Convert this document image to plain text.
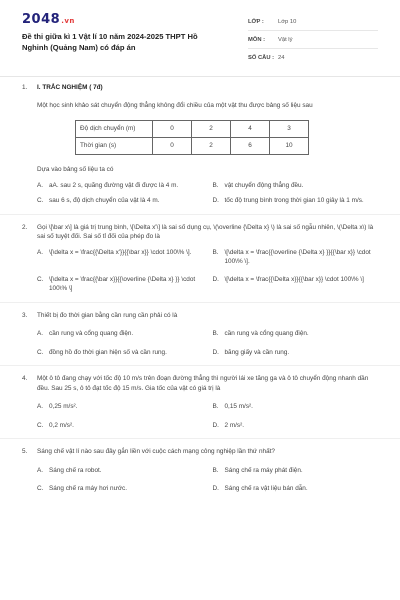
2048.vn
Đề thi giữa kì 1 Vật lí 10 năm 2024-2025 THPT Hồ Nghinh (Quảng Nam) có đáp án
LỚP :	Lớp 10
MÔN :	Vật lý
SỐ CÂU : 24
1. I. TRẮC NGHIỆM ( 7đ)
Một học sinh khảo sát chuyển động thẳng không đổi chiều của một vật thu được bảng số liệu sau
Độ dịch chuyển (m)	0	2	4	3
Thời gian (s)	0	2	6	10
Dựa vào bảng số liệu ta có
A. aA. sau 2 s, quãng đường vật đi được là 4 m.	B. vật chuyển động thẳng đều.
C. sau 6 s, độ dịch chuyển của vật là 4 m.	D. tốc độ trung bình trong thời gian 10 giây là 1 m/s.
2. Gọi \[\bar x\] là giá trị trung bình, \[\Delta x'\] là sai số dụng cụ, \(\overline {\Delta x} \) là sai số ngẫu nhiên, \(\Delta x\) là sai số tuyệt đối. Sai số tỉ đối của phép đo là
A. \[\delta x = \frac{{\Delta x'}}{{\bar x}} \cdot 100\% \].	B. \[\delta x = \frac{{\overline {\Delta x} }}{{\bar x}} \cdot 100\% \].
C. \[\delta x = \frac{{\bar x}}{{\overline {\Delta x} }} \cdot 100\% \]
D. \[\delta x = \frac{{\Delta x}}{{\bar x}} \cdot 100\% \]
3. Thiết bị đo thời gian bằng cần rung cần phải có là
A. cần rung và cổng quang điện.	B. cần rung và cổng quang điện.
C. đồng hồ đo thời gian hiện số và cần rung.	D. băng giấy và cần rung.
4. Một ô tô đang chạy với tốc độ 10 m/s trên đoạn đường thẳng thì người lái xe tăng ga và ô tô chuyển động nhanh dần đều. Sau 25 s, ô tô đạt tốc độ 15 m/s. Gia tốc của vật có giá trị là
A. 0,25 m/s².	B. 0,15 m/s².
C. 0,2 m/s².	D. 2 m/s².
5. Sáng chế vật lí nào sau đây gắn liền với cuộc cách mạng công nghiệp lần thứ nhất?
A. Sáng chế ra robot.	B. Sáng chế ra máy phát điện.
C. Sáng chế ra máy hơi nước.	D. Sáng chế ra vật liệu bán dẫn.
